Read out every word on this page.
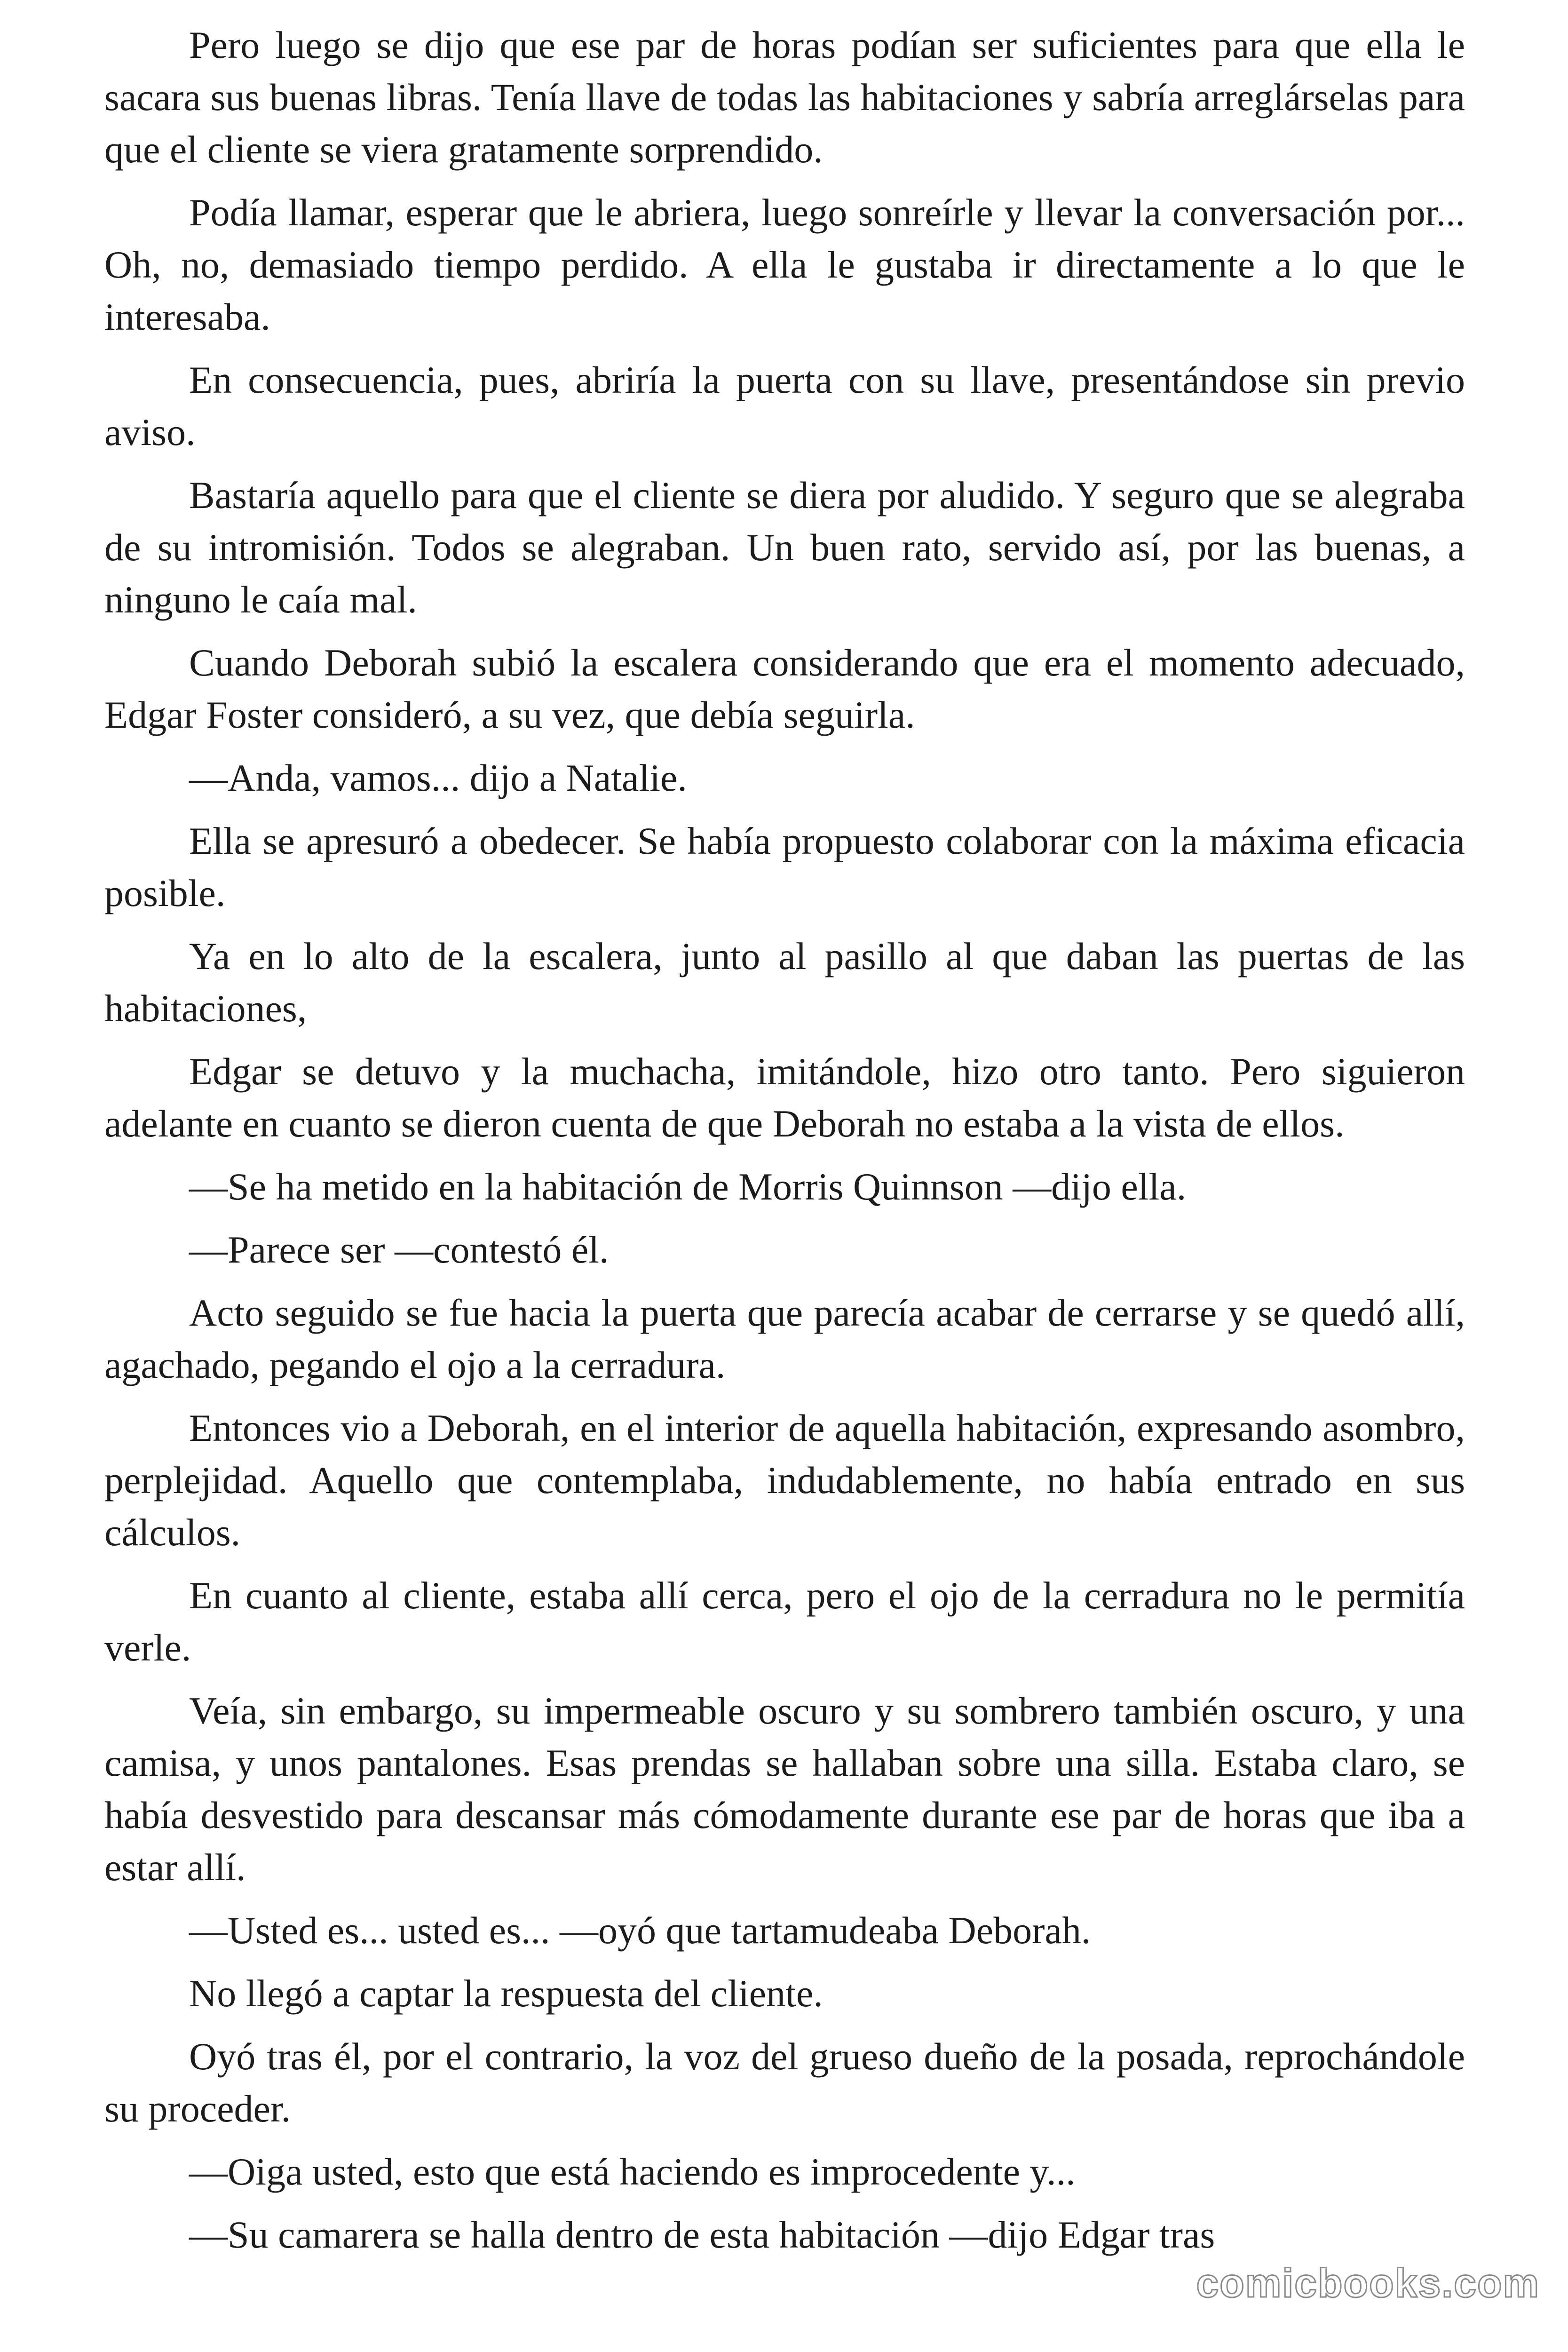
Pero luego se dijo que ese par de horas podían ser suficientes para que ella le sacara sus buenas libras. Tenía llave de todas las habitaciones y sabría arreglárselas para que el cliente se viera gratamente sorprendido.

Podía llamar, esperar que le abriera, luego sonreírle y llevar la conversación por... Oh, no, demasiado tiempo perdido. A ella le gustaba ir directamente a lo que le interesaba.

En consecuencia, pues, abriría la puerta con su llave, presentándose sin previo aviso.

Bastaría aquello para que el cliente se diera por aludido. Y seguro que se alegraba de su intromisión. Todos se alegraban. Un buen rato, servido así, por las buenas, a ninguno le caía mal.

Cuando Deborah subió la escalera considerando que era el momento adecuado, Edgar Foster consideró, a su vez, que debía seguirla.

—Anda, vamos... dijo a Natalie.

Ella se apresuró a obedecer. Se había propuesto colaborar con la máxima eficacia posible.

Ya en lo alto de la escalera, junto al pasillo al que daban las puertas de las habitaciones,

Edgar se detuvo y la muchacha, imitándole, hizo otro tanto. Pero siguieron adelante en cuanto se dieron cuenta de que Deborah no estaba a la vista de ellos.

—Se ha metido en la habitación de Morris Quinnson —dijo ella.

—Parece ser —contestó él.

Acto seguido se fue hacia la puerta que parecía acabar de cerrarse y se quedó allí, agachado, pegando el ojo a la cerradura.

Entonces vio a Deborah, en el interior de aquella habitación, expresando asombro, perplejidad. Aquello que contemplaba, indudablemente, no había entrado en sus cálculos.

En cuanto al cliente, estaba allí cerca, pero el ojo de la cerradura no le permitía verle.

Veía, sin embargo, su impermeable oscuro y su sombrero también oscuro, y una camisa, y unos pantalones. Esas prendas se hallaban sobre una silla. Estaba claro, se había desvestido para descansar más cómodamente durante ese par de horas que iba a estar allí.

—Usted es... usted es... —oyó que tartamudeaba Deborah.

No llegó a captar la respuesta del cliente.

Oyó tras él, por el contrario, la voz del grueso dueño de la posada, reprochándole su proceder.

—Oiga usted, esto que está haciendo es improcedente y...

—Su camarera se halla dentro de esta habitación —dijo Edgar tras

comicbooks.com
